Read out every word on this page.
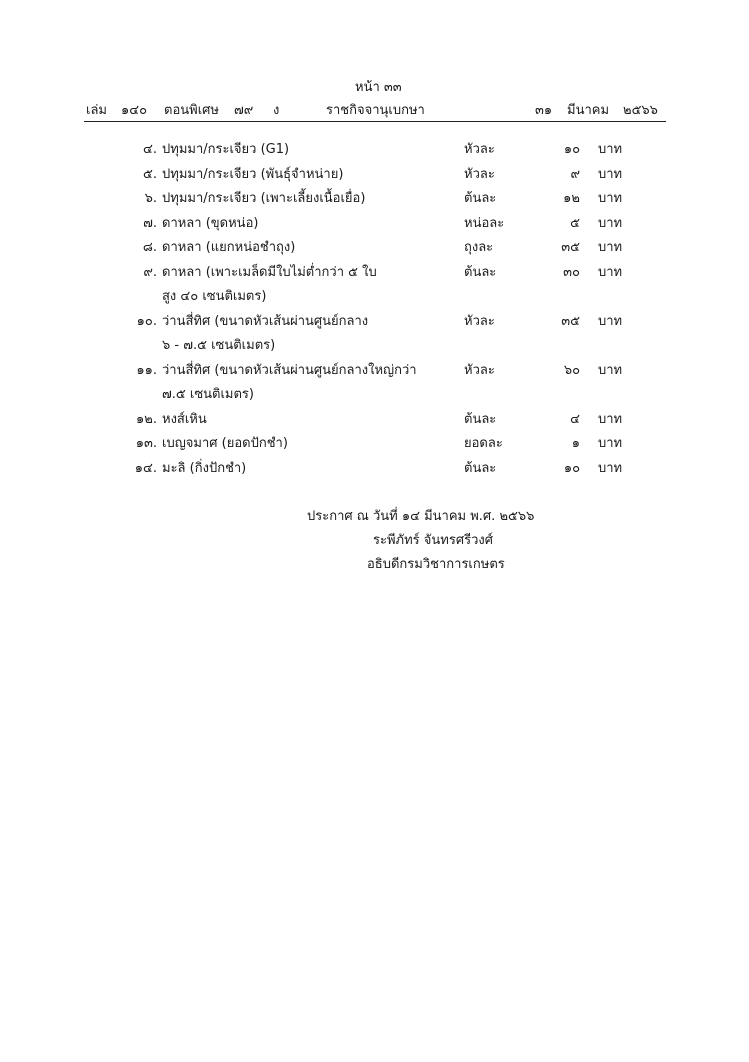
หน้า ๓๓
เล่ม ๑๔๐ ตอนพิเศษ ๗๙ ง	ราชกิจจานุเบกษา	๓๑ มีนาคม ๒๕๖๖
๔. ปทุมมา/กระเจียว (G1)	หัวละ	๑๐ บาท
๕. ปทุมมา/กระเจียว (พันธุ์จำหน่าย)	หัวละ	๙ บาท
๖. ปทุมมา/กระเจียว (เพาะเลี้ยงเนื้อเยื่อ)	ต้นละ	๑๒ บาท
๗. ดาหลา (ขุดหน่อ)	หน่อละ	๕ บาท
๘. ดาหลา (แยกหน่อชำถุง)	ถุงละ	๓๕ บาท
๙. ดาหลา (เพาะเมล็ดมีใบไม่ต่ำกว่า ๕ ใบ
สูง ๔๐ เซนติเมตร)
ต้นละ	๓๐ บาท
๑๐. ว่านสี่ทิศ (ขนาดหัวเส้นผ่านศูนย์กลาง
๖ - ๗.๕ เซนติเมตร)
หัวละ	๓๕ บาท
๑๑. ว่านสี่ทิศ (ขนาดหัวเส้นผ่านศูนย์กลางใหญ่กว่า
๗.๕ เซนติเมตร)
หัวละ	๖๐ บาท
๑๒. หงส์เหิน	ต้นละ	๔ บาท
๑๓. เบญจมาศ (ยอดปักชำ)	ยอดละ	๑ บาท
๑๔. มะลิ (กิ่งปักชำ)	ต้นละ	๑๐ บาท
ประกาศ ณ วันที่ ๑๔ มีนาคม พ.ศ. ๒๕๖๖
ระพีภัทร์ จันทรศรีวงศ์
อธิบดีกรมวิชาการเกษตร
